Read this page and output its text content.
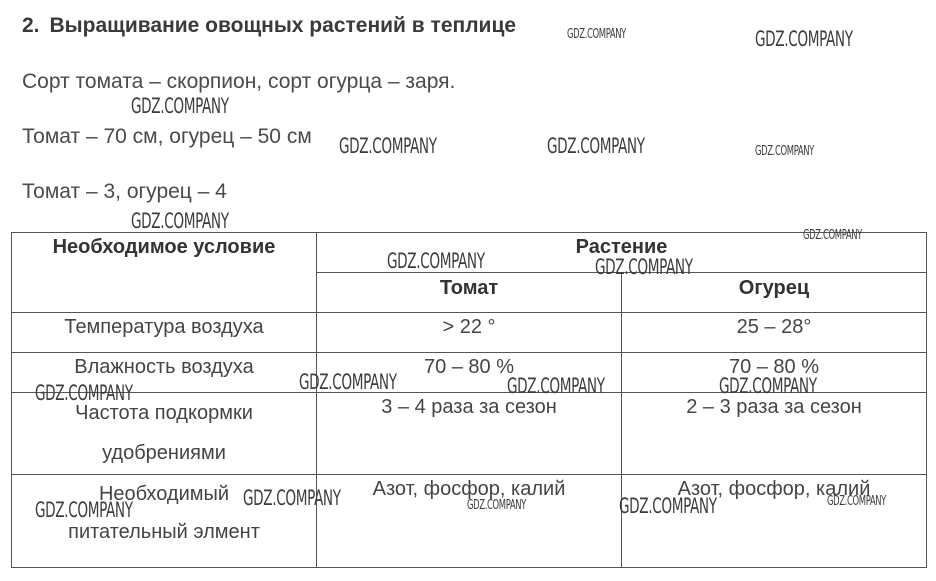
2. Выращивание овощных растений в теплице
Сорт томата – скорпион, сорт огурца – заря.
Томат – 70 см, огурец – 50 см
Томат – 3, огурец – 4
Необходимое условие	Растение	

	Томат	Огурец

Температура воздуха	> 22 °	25 – 28°

Влажность воздуха	70 – 80 %	70 – 80 %

Частота подкормки
удобрениями	3 – 4 раза за сезон	2 – 3 раза за сезон

Необходимый
питательный элмент	Азот, фосфор, калий	Азот, фосфор, калий
GDZ.COMPANY	GDZ.COMPANY
GDZ.COMPANY
GDZ.COMPANY	GDZ.COMPANY	GDZ.COMPANY
GDZ.COMPANY
GDZ.COMPANY
GDZ.COMPANY	GDZ.COMPANY
GDZ.COMPANY	GDZ.COMPANY	GDZ.COMPANY	GDZ.COMPANY
GDZ.COMPANY	GDZ.COMPANY
GDZ.COMPANY	GDZ.COMPANY	GDZ.COMPANY
